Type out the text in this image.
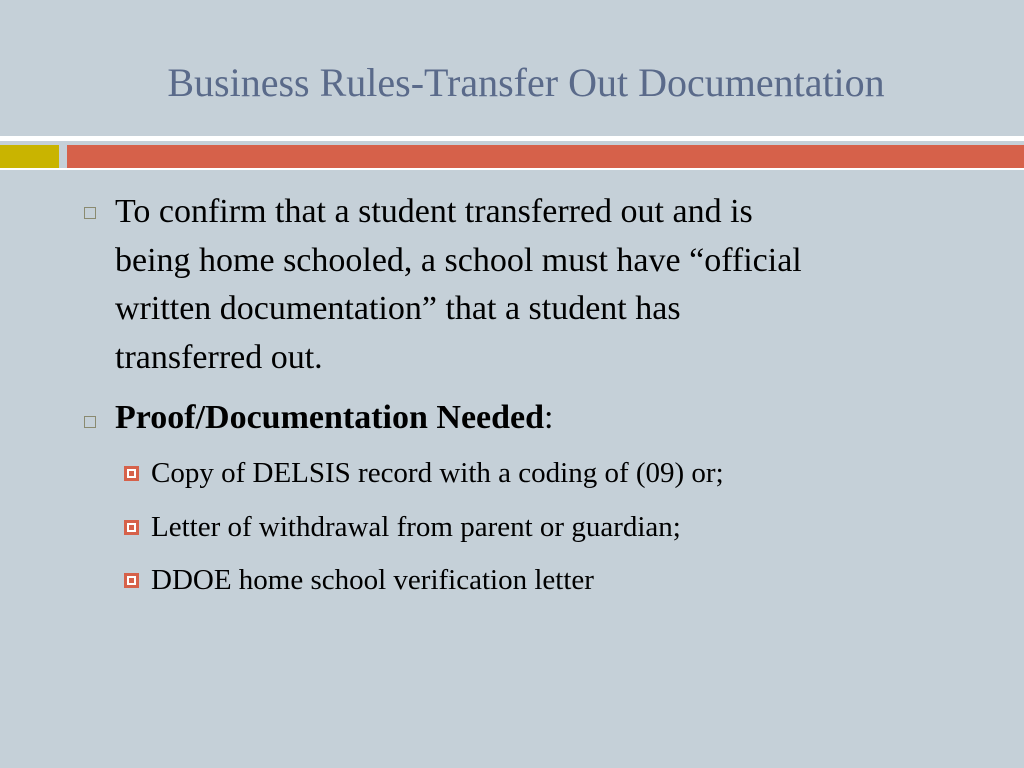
Business Rules-Transfer Out Documentation
To confirm that a student transferred out and is
being home schooled, a school must have “official
written documentation” that a student has
transferred out.
Proof/Documentation Needed:
Copy of DELSIS record with a coding of (09) or;
Letter of withdrawal from parent or guardian;
DDOE home school verification letter
